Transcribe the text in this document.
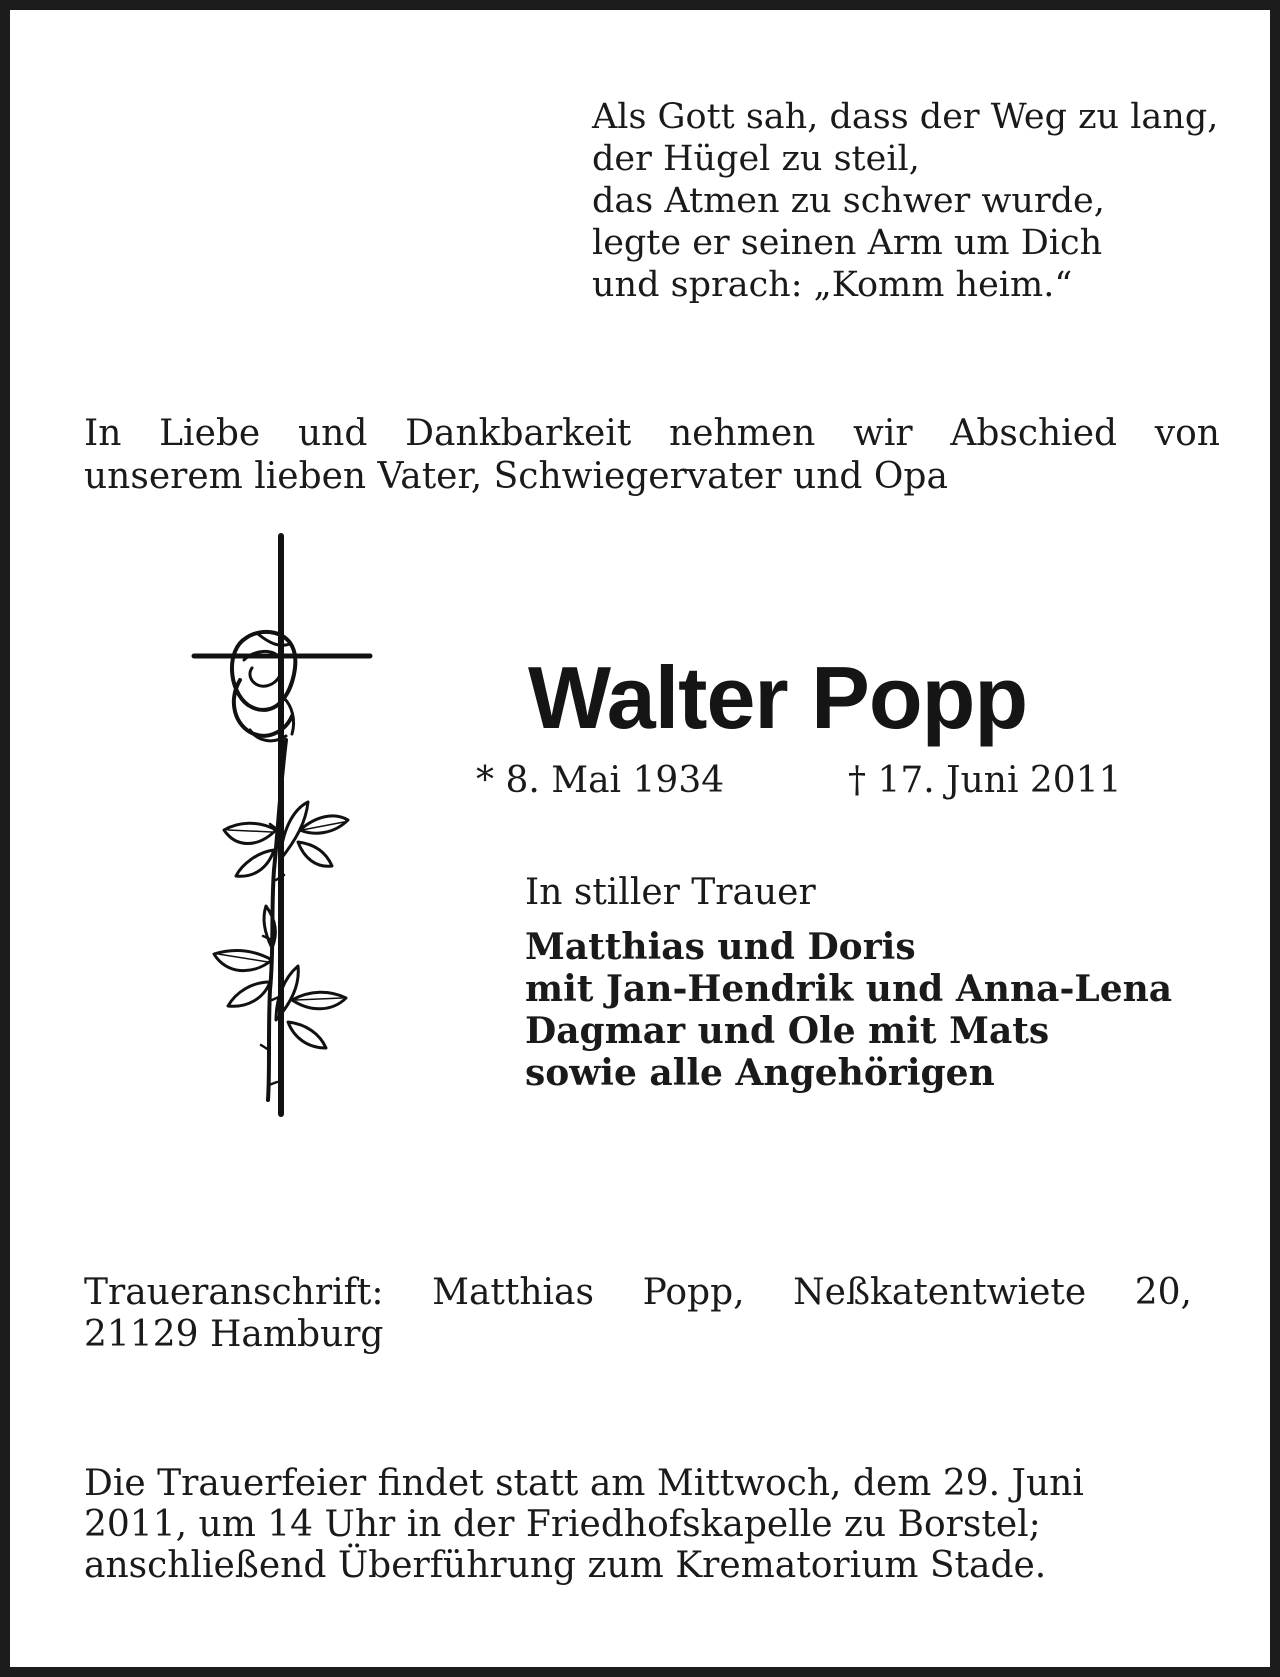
Als Gott sah, dass der Weg zu lang,
der Hügel zu steil,
das Atmen zu schwer wurde,
legte er seinen Arm um Dich
und sprach: „Komm heim.“
In Liebe und Dankbarkeit nehmen wir Abschied von
unserem lieben Vater, Schwiegervater und Opa
Walter Popp
* 8. Mai 1934	† 17. Juni 2011
In stiller Trauer
Matthias und Doris
mit Jan-Hendrik und Anna-Lena
Dagmar und Ole mit Mats
sowie alle Angehörigen
Traueranschrift: Matthias Popp, Neßkatentwiete 20,
21129 Hamburg
Die Trauerfeier findet statt am Mittwoch, dem 29. Juni
2011, um 14 Uhr in der Friedhofskapelle zu Borstel;
anschließend Überführung zum Krematorium Stade.
